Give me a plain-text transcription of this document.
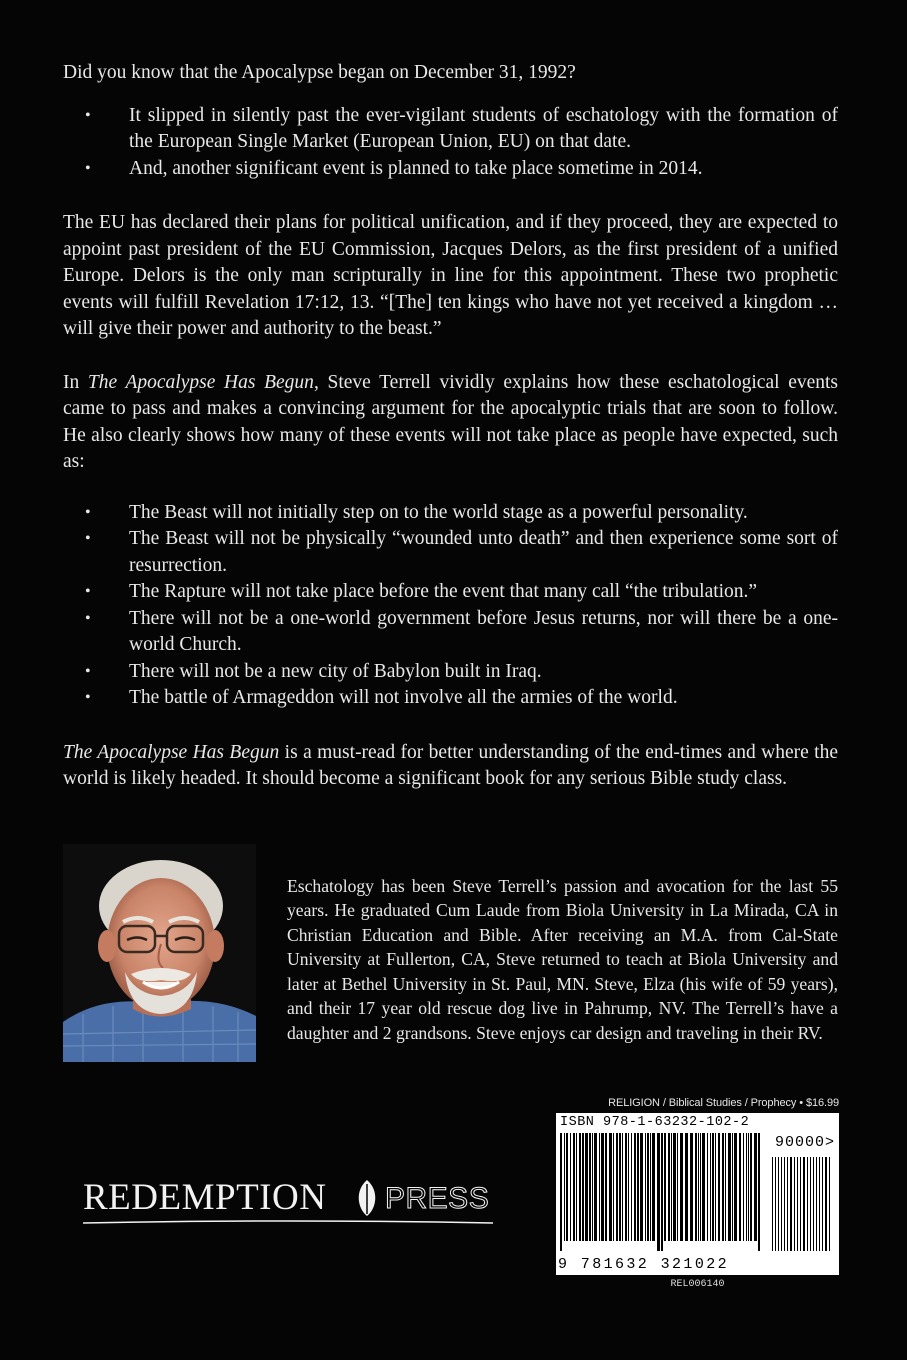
Did you know that the Apocalypse began on December 31, 1992?

• It slipped in silently past the ever-vigilant students of eschatology with the formation of the European Single Market (European Union, EU) on that date.
• And, another significant event is planned to take place sometime in 2014.

The EU has declared their plans for political unification, and if they proceed, they are expected to appoint past president of the EU Commission, Jacques Delors, as the first president of a unified Europe. Delors is the only man scripturally in line for this appointment. These two prophetic events will fulfill Revelation 17:12, 13. “[The] ten kings who have not yet received a kingdom … will give their power and authority to the beast.”

In The Apocalypse Has Begun, Steve Terrell vividly explains how these eschatological events came to pass and makes a convincing argument for the apocalyptic trials that are soon to follow. He also clearly shows how many of these events will not take place as people have expected, such as:

• The Beast will not initially step on to the world stage as a powerful personality.
• The Beast will not be physically “wounded unto death” and then experience some sort of resurrection.
• The Rapture will not take place before the event that many call “the tribulation.”
• There will not be a one-world government before Jesus returns, nor will there be a one-world Church.
• There will not be a new city of Babylon built in Iraq.
• The battle of Armageddon will not involve all the armies of the world.

The Apocalypse Has Begun is a must-read for better understanding of the end-times and where the world is likely headed. It should become a significant book for any serious Bible study class.

Eschatology has been Steve Terrell’s passion and avocation for the last 55 years. He graduated Cum Laude from Biola University in La Mirada, CA in Christian Education and Bible. After receiving an M.A. from Cal-State University at Fullerton, CA, Steve returned to teach at Biola University and later at Bethel University in St. Paul, MN. Steve, Elza (his wife of 59 years), and their 17 year old rescue dog live in Pahrump, NV. The Terrell’s have a daughter and 2 grandsons. Steve enjoys car design and traveling in their RV.

RELIGION / Biblical Studies / Prophecy • $16.99
ISBN 978-1-63232-102-2
90000>
9 781632 321022
REL006140
REDEMPTION PRESS
